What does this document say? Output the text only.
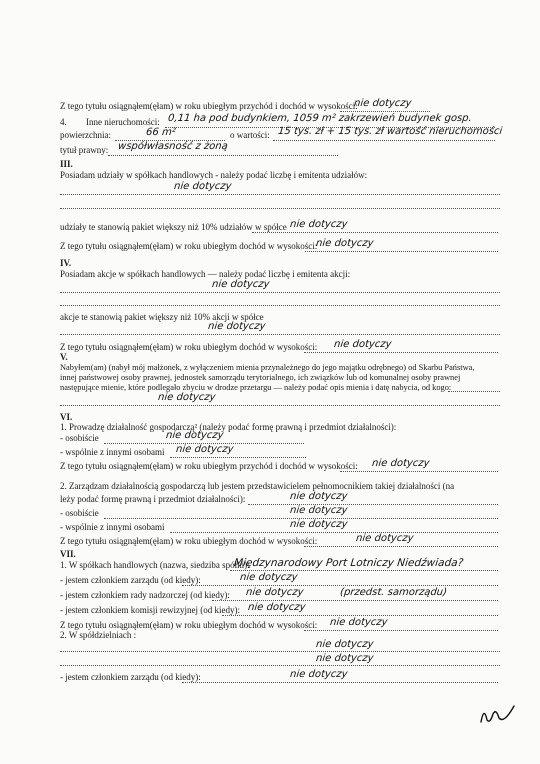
Z tego tytułu osiągnąłem(ęłam) w roku ubiegłym przychód i dochód w wysokości:
nie dotyczy
4. Inne nieruchomości: 0,11 ha pod budynkiem, 1059 m² zakrzewień budynek gosp.
powierzchnia:	66 m²	o wartości: 15 tys. zł + 15 tys. zł wartość nieruchomości
tytuł prawny: współwłasność z żoną
III.
Posiadam udziały w spółkach handlowych - należy podać liczbę i emitenta udziałów:
nie dotyczy
udziały te stanowią pakiet większy niż 10% udziałów w spółce nie dotyczy
Z tego tytułu osiągnąłem(ęłam) w roku ubiegłym dochód w wysokości:
nie dotyczy
IV.
Posiadam akcje w spółkach handlowych — należy podać liczbę i emitenta akcji:
nie dotyczy
akcje te stanowią pakiet większy niż 10% akcji w spółce
nie dotyczy
Z tego tytułu osiągnąłem(ęłam) w roku ubiegłym dochód w wysokości: nie dotyczy
V.
Nabyłem(am) (nabył mój małżonek, z wyłączeniem mienia przynależnego do jego majątku odrębnego) od Skarbu Państwa,
innej państwowej osoby prawnej, jednostek samorządu terytorialnego, ich związków lub od komunalnej osoby prawnej
następujące mienie, które podlegało zbyciu w drodze przetargu — należy podać opis mienia i datę nabycia, od kogo:
nie dotyczy
VI.
1. Prowadzę działalność gospodarczą² (należy podać formę prawną i przedmiot działalności):
- osobiście	nie dotyczy
- wspólnie z innymi osobami nie dotyczy
Z tego tytułu osiągnąłem(ęłam) w roku ubiegłym przychód i dochód w wysokości: nie dotyczy
2. Zarządzam działalnością gospodarczą lub jestem przedstawicielem pełnomocnikiem takiej działalności (na
leży podać formę prawną i przedmiot działalności):	nie dotyczy
- osobiście	nie dotyczy
- wspólnie z innymi osobami	nie dotyczy
Z tego tytułu osiągnąłem(ęłam) w roku ubiegłym dochód w wysokości:	nie dotyczy
VII.
1. W spółkach handlowych (nazwa, siedziba spółki):
Międzynarodowy Port Lotniczy Niedźwiada?
- jestem członkiem zarządu (od kiedy):	nie dotyczy
- jestem członkiem rady nadzorczej (od kiedy): nie dotyczy	(przedst. samorządu)
- jestem członkiem komisji rewizyjnej (od kiedy): nie dotyczy
Z tego tytułu osiągnąłem(ęłam) w roku ubiegłym dochód w wysokości: nie dotyczy
2. W spółdzielniach :
nie dotyczy
nie dotyczy
- jestem członkiem zarządu (od kiedy):	nie dotyczy
